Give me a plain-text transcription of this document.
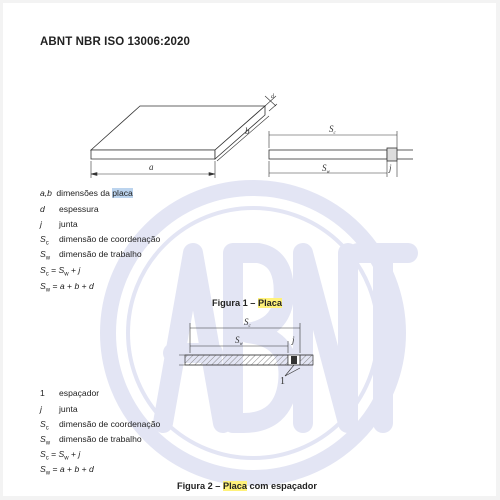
ABNT NBR ISO 13006:2020
a
b
d
$S_c$
$S_w$	j
a,b dimensões da placa
d espessura
j junta
$S_c$ dimensão de coordenação
$S_w$ dimensão de trabalho
$S_c = S_w + j$
$S_w = a + b + d$
Figura 1 – Placa
$S_c$
$S_w$	j
1
1 espaçador
j junta
$S_c$ dimensão de coordenação
$S_w$ dimensão de trabalho
$S_c = S_w + j$
$S_w = a + b + d$
Figura 2 – Placa com espaçador
